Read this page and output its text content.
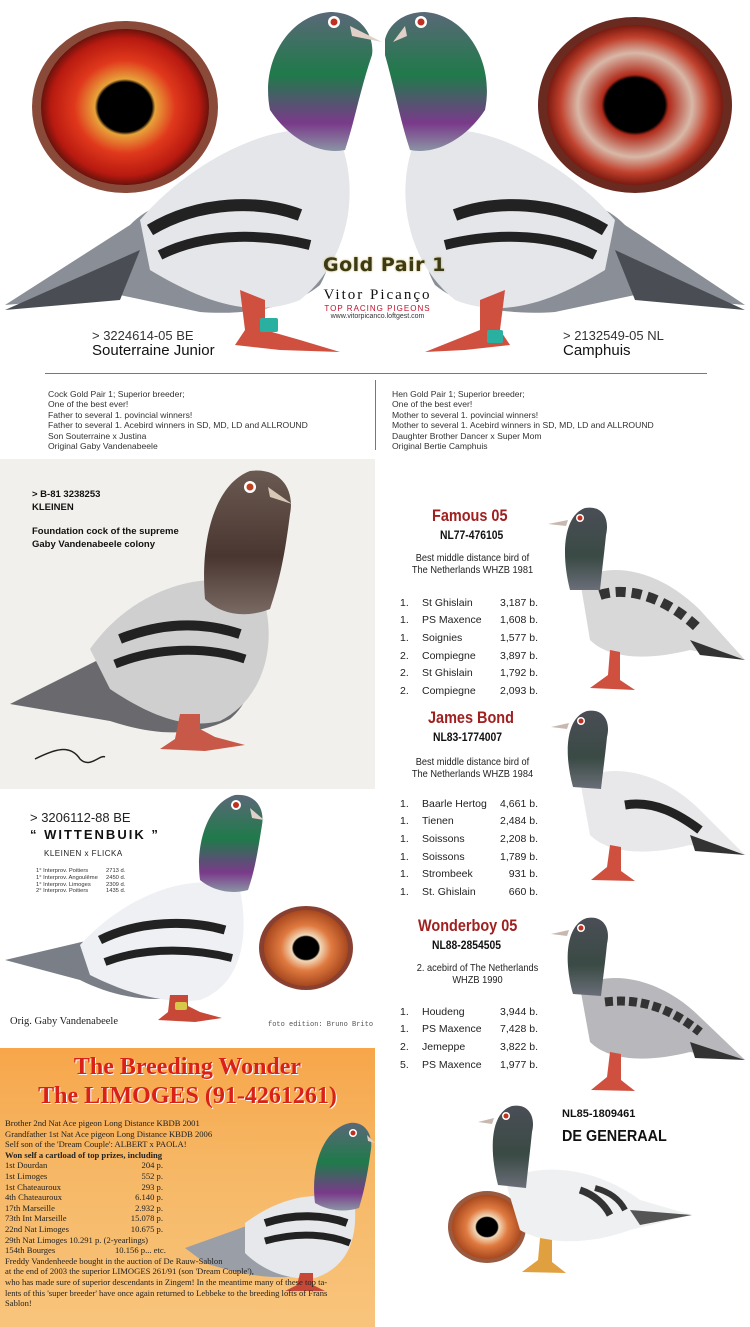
Gold Pair 1
Vitor Picanço
TOP RACING PIGEONS
www.vitorpicanco.loftgest.com
> 3224614-05 BE
Souterraine Junior
> 2132549-05 NL
Camphuis
Cock Gold Pair 1; Superior breeder;
One of the best ever!
Father to several 1. povincial winners!
Father to several 1. Acebird winners in SD, MD, LD and ALLROUND
Son Souterraine x Justina
Original Gaby Vandenabeele
Hen Gold Pair 1; Superior breeder;
One of the best ever!
Mother to several 1. povincial winners!
Mother to several 1. Acebird winners in SD, MD, LD and ALLROUND
Daughter Brother Dancer x Super Mom
Original Bertie Camphuis
> B-81 3238253
KLEINEN
Foundation cock of the supreme
Gaby Vandenabeele colony
> 3206112-88 BE
“ WITTENBUIK ”
KLEINEN x FLICKA
1° Interprov. Poitiers	2713 d.
1° Interprov. Angoulême	2450 d.
1° Interprov. Limoges	2309 d.
2° Interprov. Poitiers	1435 d.
Orig. Gaby Vandenabeele	foto edition: Bruno Brito
Famous 05
NL77-476105
Best middle distance bird of
The Netherlands WHZB 1981
1.	St Ghislain	3,187 b.
1.	PS Maxence	1,608 b.
1.	Soignies	1,577 b.
2.	Compiegne	3,897 b.
2.	St Ghislain	1,792 b.
2.	Compiegne	2,093 b.
James Bond
NL83-1774007
Best middle distance bird of
The Netherlands WHZB 1984
1.	Baarle Hertog	4,661 b.
1.	Tienen	2,484 b.
1.	Soissons	2,208 b.
1.	Soissons	1,789 b.
1.	Strombeek	931 b.
1.	St. Ghislain	660 b.
Wonderboy 05
NL88-2854505
2. acebird of The Netherlands
WHZB 1990
1.	Houdeng	3,944 b.
1.	PS Maxence	7,428 b.
2.	Jemeppe	3,822 b.
5.	PS Maxence	1,977 b.
NL85-1809461
DE GENERAAL
The Breeding Wonder
The LIMOGES (91-4261261)
Brother 2nd Nat Ace pigeon Long Distance KBDB 2001
Grandfather 1st Nat Ace pigeon Long Distance KBDB 2006
Self son of the 'Dream Couple': ALBERT x PAOLA!
Won self a cartload of top prizes, including
1st Dourdan	204 p.
1st Limoges	552 p.
1st Chateauroux	293 p.
4th Chateauroux	6.140 p.
17th Marseille	2.932 p.
73th Int Marseille	15.078 p.
22nd Nat Limoges	10.675 p.
29th Nat Limoges 10.291 p. (2-yearlings)
154th Bourges	10.156 p... etc.
Freddy Vandenheede bought in the auction of De Rauw-Sablon
at the end of 2003 the superior LIMOGES 261/91 (son 'Dream Couple'),
who has made sure of superior descendants in Zingem! In the meantime many of these top ta-
lents of this 'super breeder' have once again returned to Lebbeke to the breeding lofts of Frans
Sablon!
